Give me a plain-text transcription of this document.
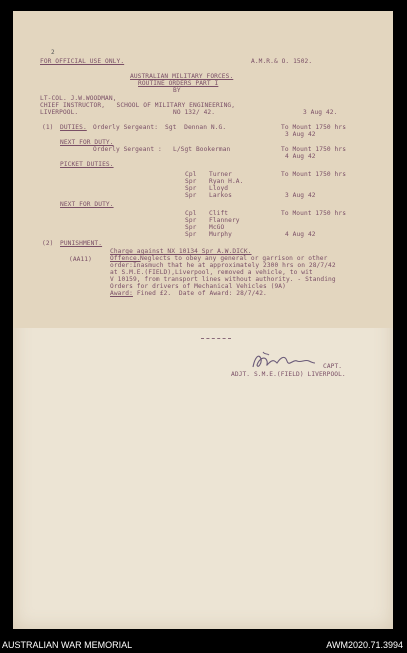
2
FOR OFFICIAL USE ONLY.	A.M.R.& O. 1502.
AUSTRALIAN MILITARY FORCES.
ROUTINE ORDERS PART I
BY
LT-COL. J.W.WOODMAN,
CHIEF INSTRUCTOR,   SCHOOL OF MILITARY ENGINEERING,
LIVERPOOL.	NO 132/ 42.	3 Aug 42.
(1) DUTIES. Orderly Sergeant: Sgt  Dennan N.G.	To Mount 1750 hrs
3 Aug 42
NEXT FOR DUTY.
Orderly Sergeant : L/Sgt Bookerman	To Mount 1750 hrs
4 Aug 42
PICKET DUTIES.
Cpl Turner
Spr Ryan H.A.
Spr Lloyd
Spr Larkos
To Mount 1750 hrs
3 Aug 42
NEXT FOR DUTY.
Cpl Clift
Spr Flannery
Spr McGO
Spr Murphy
To Mount 1750 hrs
4 Aug 42
(2) PUNISHMENT.
(AA11)
Charge against NX 10134 Spr A.W.DICK.
Offence. Neglects to obey any general or garrison or other
order:Inasmuch that he at approximately 2300 hrs on 28/7/42
at S.M.E.(FIELD),Liverpool, removed a vehicle, to wit
V 10159, from transport lines without authority. - Standing
Orders for drivers of Mechanical Vehicles (9A)
Award: Fined £2.  Date of Award: 28/7/42.
CAPT.
ADJT. S.M.E.(FIELD) LIVERPOOL.
AUSTRALIAN WAR MEMORIAL	AWM2020.71.3994
